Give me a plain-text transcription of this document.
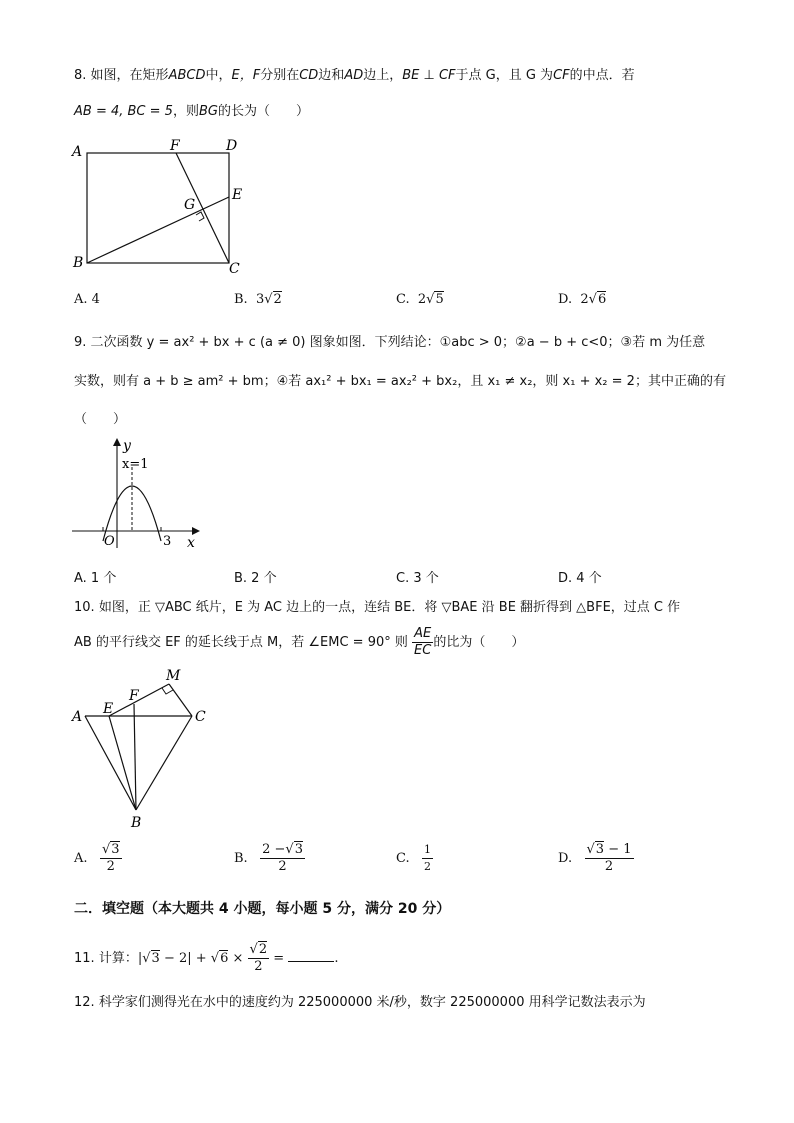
8. 如图，在矩形ABCD中，E，F分别在CD边和AD边上，BE ⊥ CF于点 G，且 G 为CF的中点．若
AB = 4, BC = 5，则BG的长为（　　）
A
B	C
D
E
F
G
A. 4	B. 3√2	C. 2√5	D. 2√6
9. 二次函数 y = ax² + bx + c (a ≠ 0) 图象如图．下列结论：①abc > 0；②a − b + c<0；③若 m 为任意
实数，则有 a + b ≥ am² + bm；④若 ax₁² + bx₁ = ax₂² + bx₂，且 x₁ ≠ x₂，则 x₁ + x₂ = 2；其中正确的有
（　　）
y
x=1
O	3 x
A. 1 个	B. 2 个	C. 3 个	D. 4 个
10. 如图，正 ▽ABC 纸片，E 为 AC 边上的一点，连结 BE．将 ▽BAE 沿 BE 翻折得到 △BFE，过点 C 作
AB 的平行线交 EF 的延长线于点 M，若 ∠EMC = 90° 则 $\frac{AE}{EC}$ 的比为（　　）
A E
F
M
C
B
A. $\frac{√3}{2}$	B. $\frac{2 -√3}{2}$	C. $\frac{1}{2}$	D. $\frac{√3 - 1}{2}$
二．填空题（本大题共 4 小题，每小题 5 分，满分 20 分）
11. 计算：$|√3 - 2| + √6 \times \frac{√2}{2}$ =	.
12. 科学家们测得光在水中的速度约为 225000000 米/秒，数字 225000000 用科学记数法表示为
